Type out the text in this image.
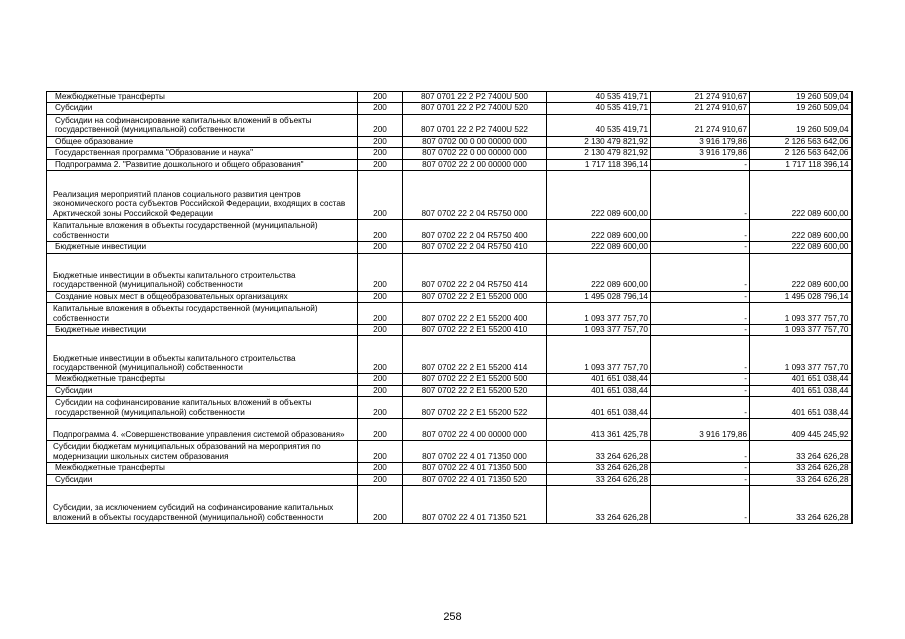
Межбюджетные трансферты	200	807 0701 22 2 P2 7400U 500	40 535 419,71	21 274 910,67	19 260 509,04
Субсидии	200	807 0701 22 2 P2 7400U 520	40 535 419,71	21 274 910,67	19 260 509,04
Субсидии на софинансирование капитальных вложений в объекты государственной (муниципальной) собственности	200	807 0701 22 2 P2 7400U 522	40 535 419,71	21 274 910,67	19 260 509,04
Общее образование	200	807 0702 00 0 00 00000 000	2 130 479 821,92	3 916 179,86	2 126 563 642,06
Государственная программа "Образование и наука"	200	807 0702 22 0 00 00000 000	2 130 479 821,92	3 916 179,86	2 126 563 642,06
Подпрограмма 2. "Развитие дошкольного и общего образования"	200	807 0702 22 2 00 00000 000	1 717 118 396,14	-	1 717 118 396,14
Реализация мероприятий планов социального развития центров экономического роста субъектов Российской Федерации, входящих в состав Арктической зоны Российской Федерации	200	807 0702 22 2 04 R5750 000	222 089 600,00	-	222 089 600,00
Капитальные вложения в объекты государственной (муниципальной) собственности	200	807 0702 22 2 04 R5750 400	222 089 600,00	-	222 089 600,00
Бюджетные инвестиции	200	807 0702 22 2 04 R5750 410	222 089 600,00	-	222 089 600,00
Бюджетные инвестиции в объекты капитального строительства государственной (муниципальной) собственности	200	807 0702 22 2 04 R5750 414	222 089 600,00	-	222 089 600,00
Создание новых мест в общеобразовательных организациях	200	807 0702 22 2 E1 55200 000	1 495 028 796,14	-	1 495 028 796,14
Капитальные вложения в объекты государственной (муниципальной) собственности	200	807 0702 22 2 E1 55200 400	1 093 377 757,70	-	1 093 377 757,70
Бюджетные инвестиции	200	807 0702 22 2 E1 55200 410	1 093 377 757,70	-	1 093 377 757,70
Бюджетные инвестиции в объекты капитального строительства государственной (муниципальной) собственности	200	807 0702 22 2 E1 55200 414	1 093 377 757,70	-	1 093 377 757,70
Межбюджетные трансферты	200	807 0702 22 2 E1 55200 500	401 651 038,44	-	401 651 038,44
Субсидии	200	807 0702 22 2 E1 55200 520	401 651 038,44	-	401 651 038,44
Субсидии на софинансирование капитальных вложений в объекты государственной (муниципальной) собственности	200	807 0702 22 2 E1 55200 522	401 651 038,44	-	401 651 038,44
Подпрограмма 4. «Совершенствование управления системой образования»	200	807 0702 22 4 00 00000 000	413 361 425,78	3 916 179,86	409 445 245,92
Субсидии бюджетам муниципальных образований на мероприятия по модернизации школьных систем образования	200	807 0702 22 4 01 71350 000	33 264 626,28	-	33 264 626,28
Межбюджетные трансферты	200	807 0702 22 4 01 71350 500	33 264 626,28	-	33 264 626,28
Субсидии	200	807 0702 22 4 01 71350 520	33 264 626,28	-	33 264 626,28
Субсидии, за исключением субсидий на софинансирование капитальных вложений в объекты государственной (муниципальной) собственности	200	807 0702 22 4 01 71350 521	33 264 626,28	-	33 264 626,28
258
